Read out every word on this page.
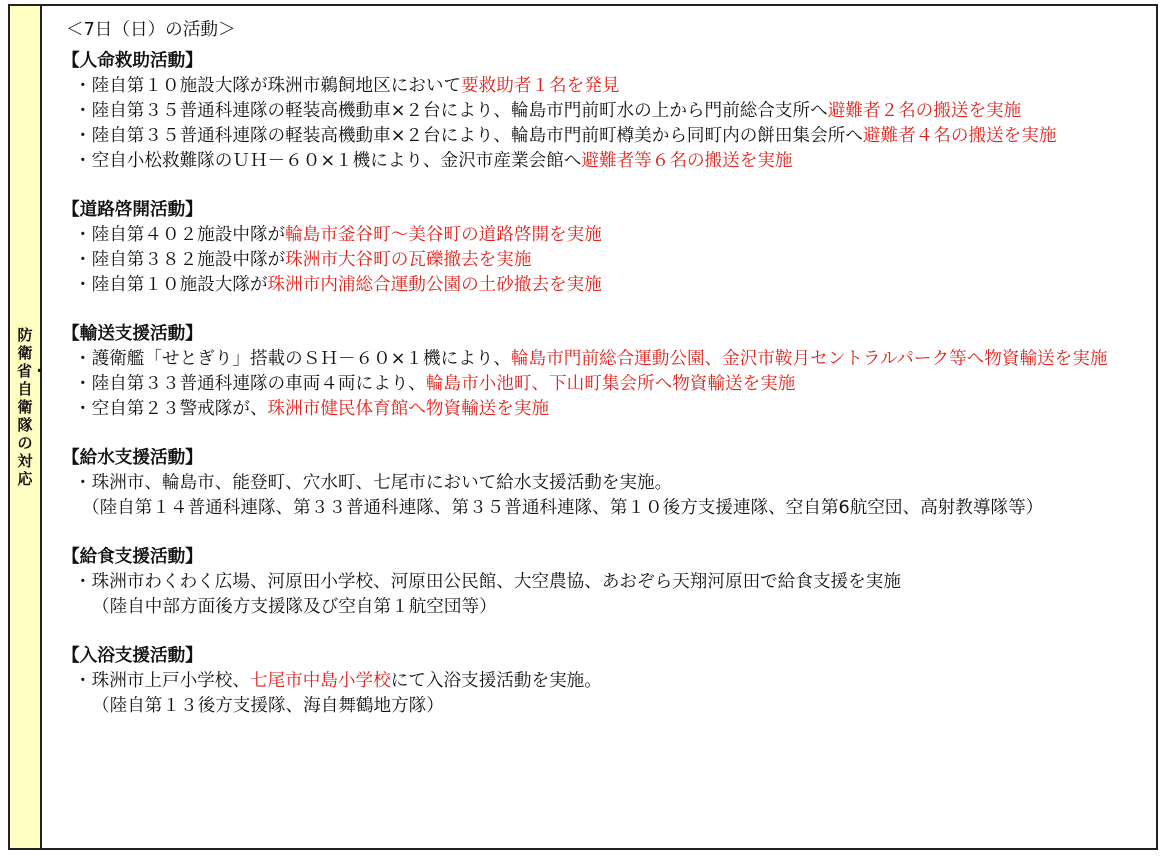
防衛省・自衛隊の対応
＜7日（日）の活動＞
【人命救助活動】
・陸自第１０施設大隊が珠洲市鵜飼地区において要救助者１名を発見
・陸自第３５普通科連隊の軽装高機動車×２台により、輪島市門前町水の上から門前総合支所へ避難者２名の搬送を実施
・陸自第３５普通科連隊の軽装高機動車×２台により、輪島市門前町樽美から同町内の餅田集会所へ避難者４名の搬送を実施
・空自小松救難隊のＵＨ－６０×１機により、金沢市産業会館へ避難者等６名の搬送を実施
【道路啓開活動】
・陸自第４０２施設中隊が輪島市釜谷町～美谷町の道路啓開を実施
・陸自第３８２施設中隊が珠洲市大谷町の瓦礫撤去を実施
・陸自第１０施設大隊が珠洲市内浦総合運動公園の土砂撤去を実施
【輸送支援活動】
・護衛艦「せとぎり」搭載のＳＨ－６０×１機により、輪島市門前総合運動公園、金沢市鞍月セントラルパーク等へ物資輸送を実施
・陸自第３３普通科連隊の車両４両により、輪島市小池町、下山町集会所へ物資輸送を実施
・空自第２３警戒隊が、珠洲市健民体育館へ物資輸送を実施
【給水支援活動】
・珠洲市、輪島市、能登町、穴水町、七尾市において給水支援活動を実施。
（陸自第１４普通科連隊、第３３普通科連隊、第３５普通科連隊、第１０後方支援連隊、空自第6航空団、高射教導隊等）
【給食支援活動】
・珠洲市わくわく広場、河原田小学校、河原田公民館、大空農協、あおぞら天翔河原田で給食支援を実施
（陸自中部方面後方支援隊及び空自第１航空団等）
【入浴支援活動】
・珠洲市上戸小学校、七尾市中島小学校にて入浴支援活動を実施。
（陸自第１３後方支援隊、海自舞鶴地方隊）
